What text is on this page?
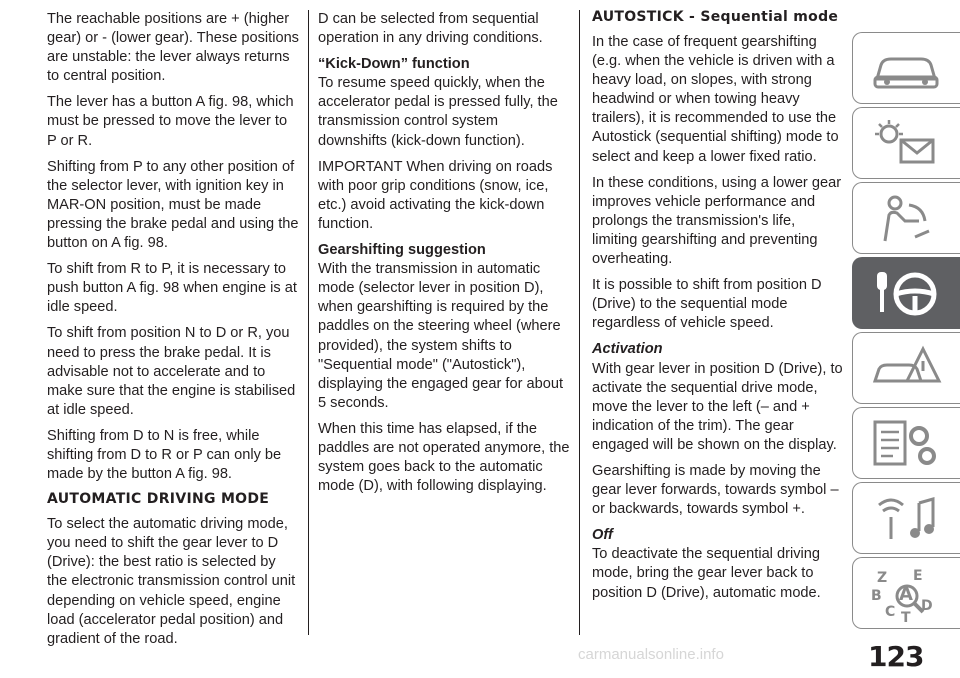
The reachable positions are + (higher gear) or - (lower gear). These positions are unstable: the lever always returns to central position.

The lever has a button A fig. 98, which must be pressed to move the lever to P or R.

Shifting from P to any other position of the selector lever, with ignition key in MAR-ON position, must be made pressing the brake pedal and using the button on A fig. 98.

To shift from R to P, it is necessary to push button A fig. 98 when engine is at idle speed.

To shift from position N to D or R, you need to press the brake pedal. It is advisable not to accelerate and to make sure that the engine is stabilised at idle speed.

Shifting from D to N is free, while shifting from D to R or P can only be made by the button A fig. 98.

AUTOMATIC DRIVING MODE

To select the automatic driving mode, you need to shift the gear lever to D (Drive): the best ratio is selected by the electronic transmission control unit depending on vehicle speed, engine load (accelerator pedal position) and gradient of the road.

D can be selected from sequential operation in any driving conditions.

“Kick-Down” function

To resume speed quickly, when the accelerator pedal is pressed fully, the transmission control system downshifts (kick-down function).

IMPORTANT When driving on roads with poor grip conditions (snow, ice, etc.) avoid activating the kick-down function.

Gearshifting suggestion

With the transmission in automatic mode (selector lever in position D), when gearshifting is required by the paddles on the steering wheel (where provided), the system shifts to "Sequential mode" ("Autostick"), displaying the engaged gear for about 5 seconds.

When this time has elapsed, if the paddles are not operated anymore, the system goes back to the automatic mode (D), with following displaying.

AUTOSTICK - Sequential mode

In the case of frequent gearshifting (e.g. when the vehicle is driven with a heavy load, on slopes, with strong headwind or when towing heavy trailers), it is recommended to use the Autostick (sequential shifting) mode to select and keep a lower fixed ratio.

In these conditions, using a lower gear improves vehicle performance and prolongs the transmission's life, limiting gearshifting and preventing overheating.

It is possible to shift from position D (Drive) to the sequential mode regardless of vehicle speed.

Activation

With gear lever in position D (Drive), to activate the sequential drive mode, move the lever to the left (– and + indication of the trim). The gear engaged will be shown on the display.

Gearshifting is made by moving the gear lever forwards, towards symbol – or backwards, towards symbol +.

Off

To deactivate the sequential driving mode, bring the gear lever back to position D (Drive), automatic mode.

Z E
B A
C D
T
carmanualsonline.info	123
